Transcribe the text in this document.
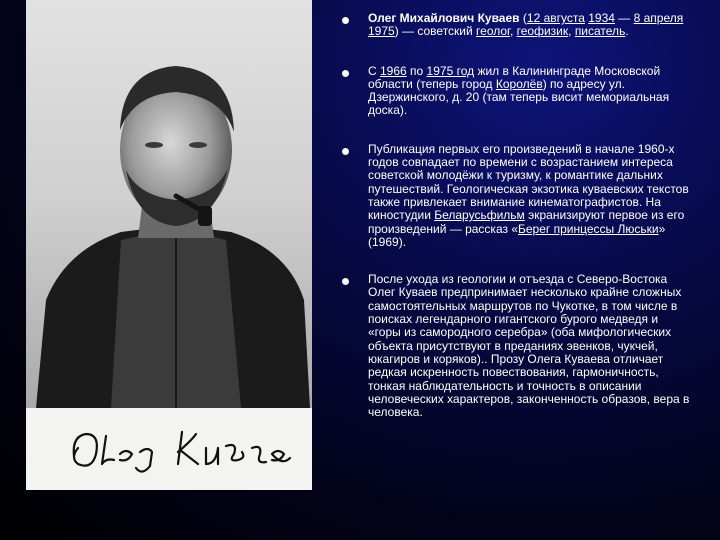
Олег Михайлович Куваев (12 августа 1934 — 8 апреля 1975) — советский геолог, геофизик, писатель.
С 1966 по 1975 год жил в Калининграде Московской области (теперь город Королёв) по адресу ул. Дзержинского, д. 20 (там теперь висит мемориальная доска).
Публикация первых его произведений в начале 1960-х годов совпадает по времени с возрастанием интереса советской молодёжи к туризму, к романтике дальних путешествий. Геологическая экзотика куваевских текстов также привлекает внимание кинематографистов. На киностудии Беларусьфильм экранизируют первое из его произведений — рассказ «Берег принцессы Люськи» (1969).
После ухода из геологии и отъезда с Северо-Востока Олег Куваев предпринимает несколько крайне сложных самостоятельных маршрутов по Чукотке, в том числе в поисках легендарного гигантского бурого медведя и «горы из самородного серебра» (оба мифологических объекта присутствуют в преданиях эвенков, чукчей, юкагиров и коряков).. Прозу Олега Куваева отличает редкая искренность повествования, гармоничность, тонкая наблюдательность и точность в описании человеческих характеров, законченность образов, вера в человека.
